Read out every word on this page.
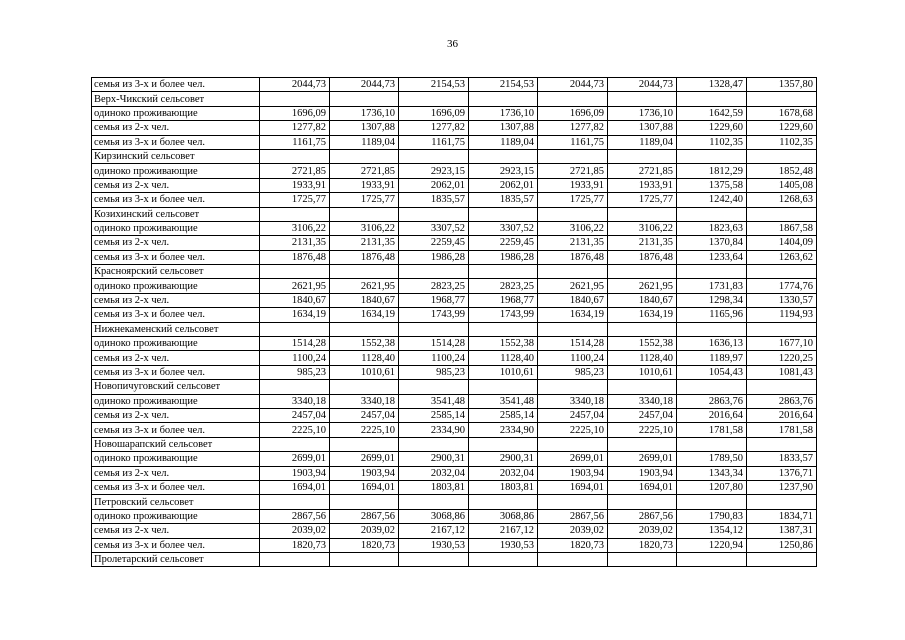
36
семья из 3-х и более чел.	2044,73	2044,73	2154,53	2154,53	2044,73	2044,73	1328,47	1357,80
Верх-Чикский сельсовет								
одиноко проживающие	1696,09	1736,10	1696,09	1736,10	1696,09	1736,10	1642,59	1678,68
семья из 2-х чел.	1277,82	1307,88	1277,82	1307,88	1277,82	1307,88	1229,60	1229,60
семья из 3-х и более чел.	1161,75	1189,04	1161,75	1189,04	1161,75	1189,04	1102,35	1102,35
Кирзинский сельсовет								
одиноко проживающие	2721,85	2721,85	2923,15	2923,15	2721,85	2721,85	1812,29	1852,48
семья из 2-х чел.	1933,91	1933,91	2062,01	2062,01	1933,91	1933,91	1375,58	1405,08
семья из 3-х и более чел.	1725,77	1725,77	1835,57	1835,57	1725,77	1725,77	1242,40	1268,63
Козихинский сельсовет								
одиноко проживающие	3106,22	3106,22	3307,52	3307,52	3106,22	3106,22	1823,63	1867,58
семья из 2-х чел.	2131,35	2131,35	2259,45	2259,45	2131,35	2131,35	1370,84	1404,09
семья из 3-х и более чел.	1876,48	1876,48	1986,28	1986,28	1876,48	1876,48	1233,64	1263,62
Красноярский сельсовет								
одиноко проживающие	2621,95	2621,95	2823,25	2823,25	2621,95	2621,95	1731,83	1774,76
семья из 2-х чел.	1840,67	1840,67	1968,77	1968,77	1840,67	1840,67	1298,34	1330,57
семья из 3-х и более чел.	1634,19	1634,19	1743,99	1743,99	1634,19	1634,19	1165,96	1194,93
Нижнекаменский сельсовет								
одиноко проживающие	1514,28	1552,38	1514,28	1552,38	1514,28	1552,38	1636,13	1677,10
семья из 2-х чел.	1100,24	1128,40	1100,24	1128,40	1100,24	1128,40	1189,97	1220,25
семья из 3-х и более чел.	985,23	1010,61	985,23	1010,61	985,23	1010,61	1054,43	1081,43
Новопичуговский сельсовет								
одиноко проживающие	3340,18	3340,18	3541,48	3541,48	3340,18	3340,18	2863,76	2863,76
семья из 2-х чел.	2457,04	2457,04	2585,14	2585,14	2457,04	2457,04	2016,64	2016,64
семья из 3-х и более чел.	2225,10	2225,10	2334,90	2334,90	2225,10	2225,10	1781,58	1781,58
Новошарапский сельсовет								
одиноко проживающие	2699,01	2699,01	2900,31	2900,31	2699,01	2699,01	1789,50	1833,57
семья из 2-х чел.	1903,94	1903,94	2032,04	2032,04	1903,94	1903,94	1343,34	1376,71
семья из 3-х и более чел.	1694,01	1694,01	1803,81	1803,81	1694,01	1694,01	1207,80	1237,90
Петровский сельсовет								
одиноко проживающие	2867,56	2867,56	3068,86	3068,86	2867,56	2867,56	1790,83	1834,71
семья из 2-х чел.	2039,02	2039,02	2167,12	2167,12	2039,02	2039,02	1354,12	1387,31
семья из 3-х и более чел.	1820,73	1820,73	1930,53	1930,53	1820,73	1820,73	1220,94	1250,86
Пролетарский сельсовет								
